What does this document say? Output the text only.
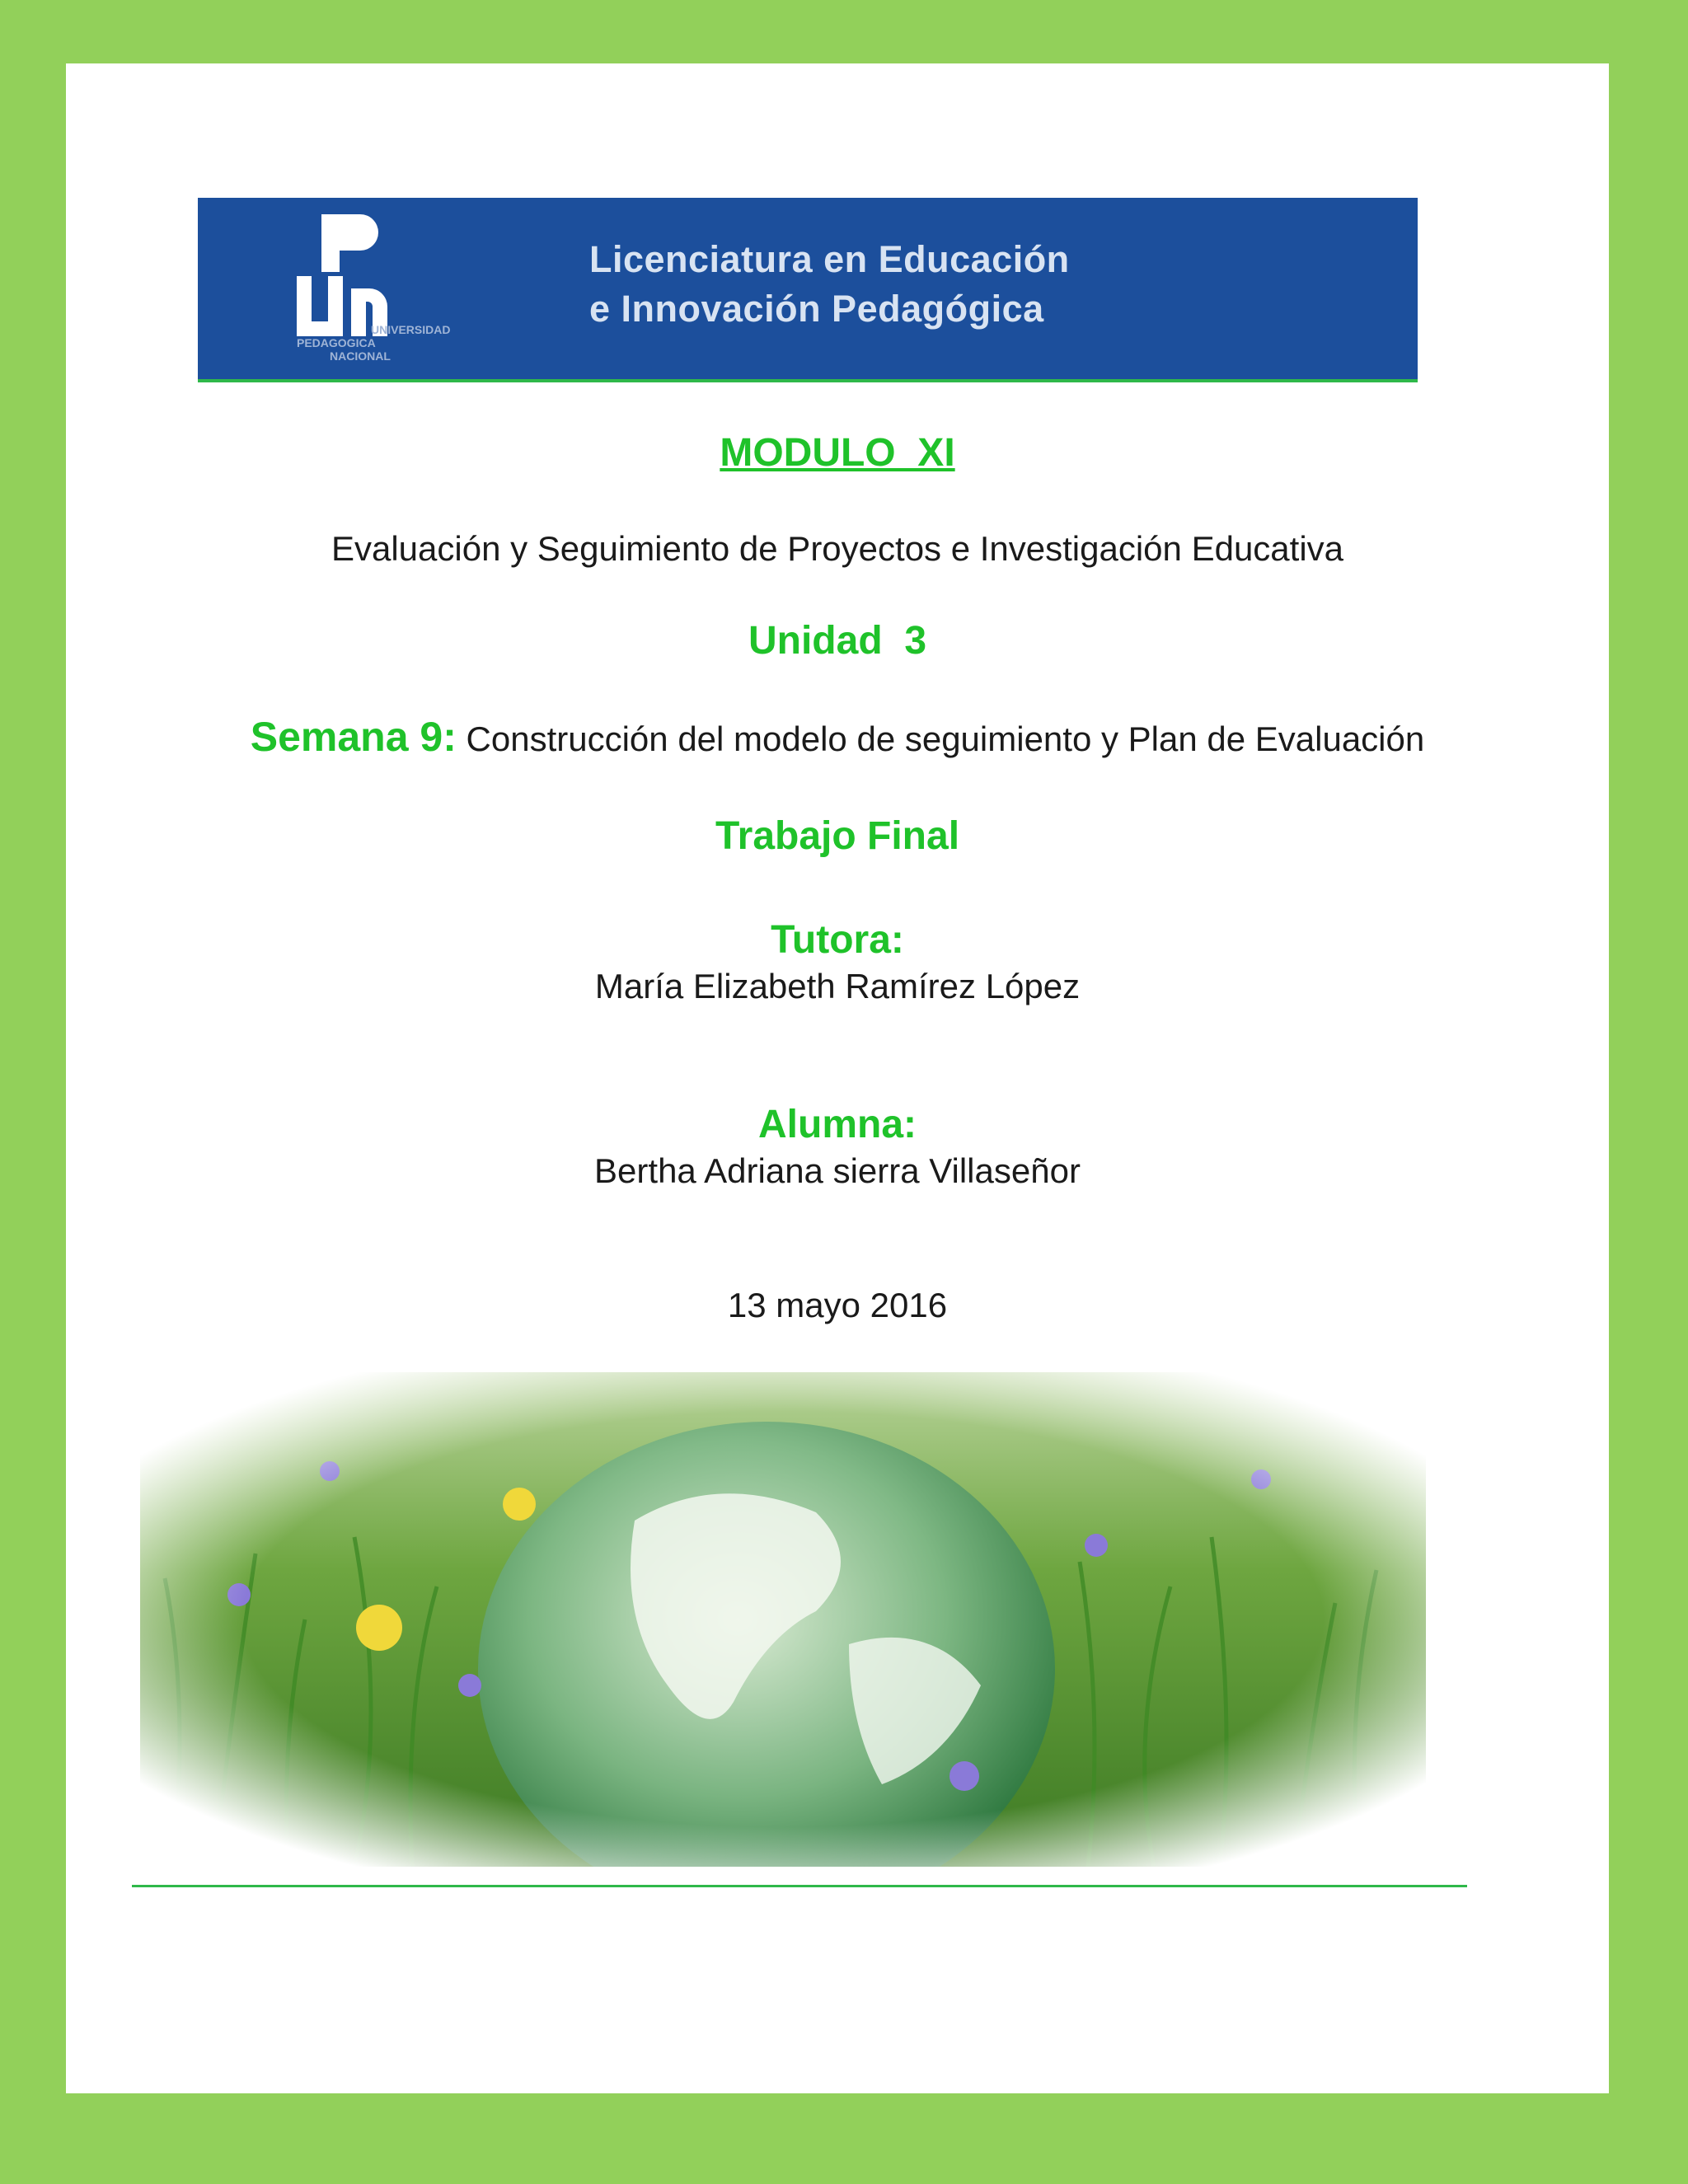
UNIVERSIDAD
PEDAGOGICA
NACIONAL
Licenciatura en Educación
e Innovación Pedagógica
MODULO  XI
Evaluación y Seguimiento de Proyectos e Investigación Educativa
Unidad  3
Semana 9: Construcción del modelo de seguimiento y Plan de Evaluación
Trabajo Final
Tutora:
María Elizabeth Ramírez López
Alumna:
Bertha Adriana sierra Villaseñor
13 mayo 2016
